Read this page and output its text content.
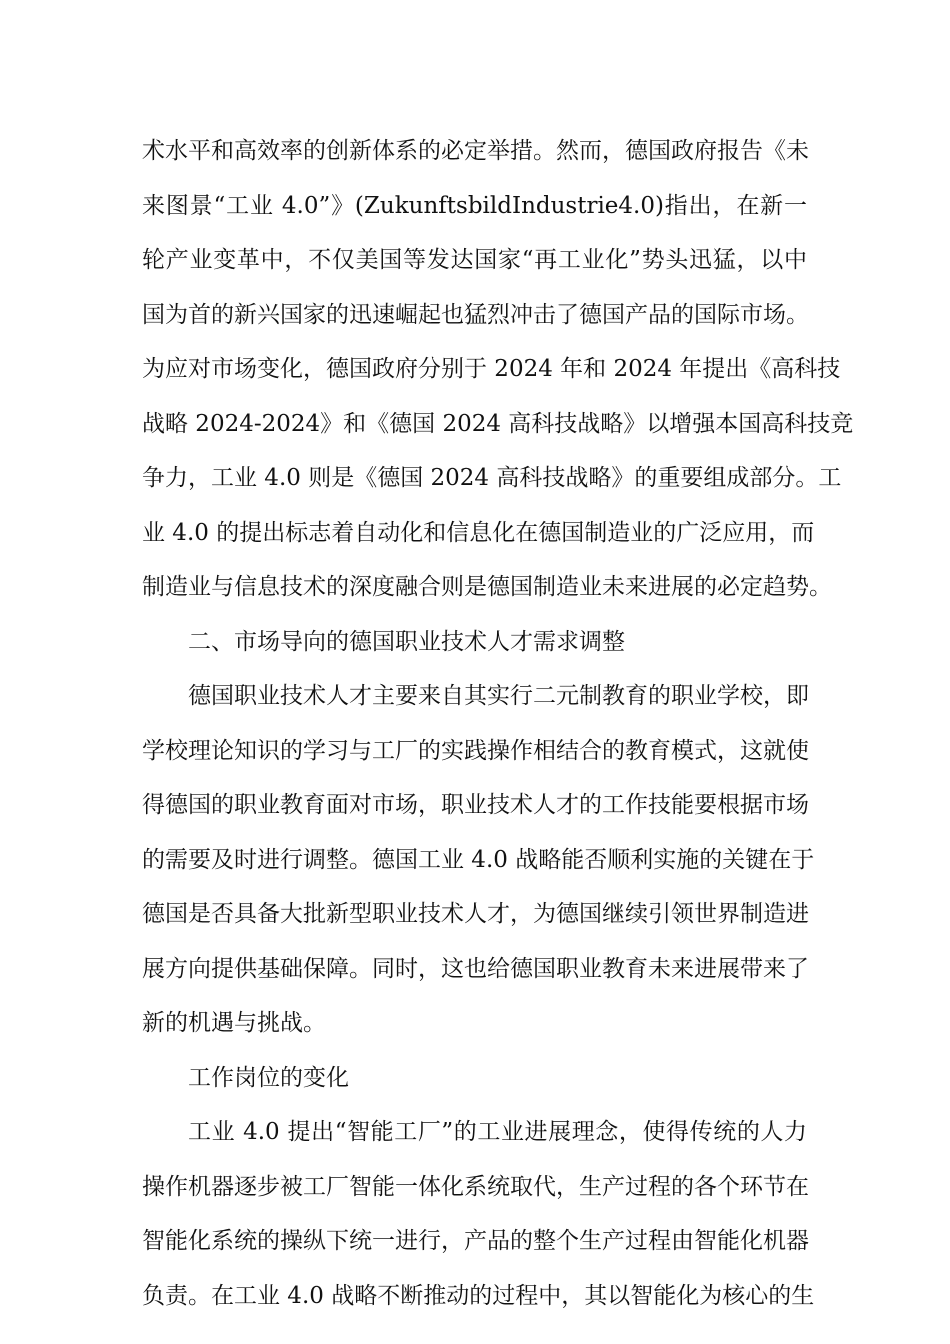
术水平和高效率的创新体系的必定举措。然而，德国政府报告《未
来图景“工业 4.0”》(ZukunftsbildIndustrie4.0)指出，在新一
轮产业变革中，不仅美国等发达国家“再工业化”势头迅猛，以中
国为首的新兴国家的迅速崛起也猛烈冲击了德国产品的国际市场。
为应对市场变化，德国政府分别于 2024 年和 2024 年提出《高科技
战略 2024-2024》和《德国 2024 高科技战略》以增强本国高科技竞
争力，工业 4.0 则是《德国 2024 高科技战略》的重要组成部分。工
业 4.0 的提出标志着自动化和信息化在德国制造业的广泛应用，而
制造业与信息技术的深度融合则是德国制造业未来进展的必定趋势。
二、市场导向的德国职业技术人才需求调整
德国职业技术人才主要来自其实行二元制教育的职业学校，即
学校理论知识的学习与工厂的实践操作相结合的教育模式，这就使
得德国的职业教育面对市场，职业技术人才的工作技能要根据市场
的需要及时进行调整。德国工业 4.0 战略能否顺利实施的关键在于
德国是否具备大批新型职业技术人才，为德国继续引领世界制造进
展方向提供基础保障。同时，这也给德国职业教育未来进展带来了
新的机遇与挑战。
工作岗位的变化
工业 4.0 提出“智能工厂”的工业进展理念，使得传统的人力
操作机器逐步被工厂智能一体化系统取代，生产过程的各个环节在
智能化系统的操纵下统一进行，产品的整个生产过程由智能化机器
负责。在工业 4.0 战略不断推动的过程中，其以智能化为核心的生
